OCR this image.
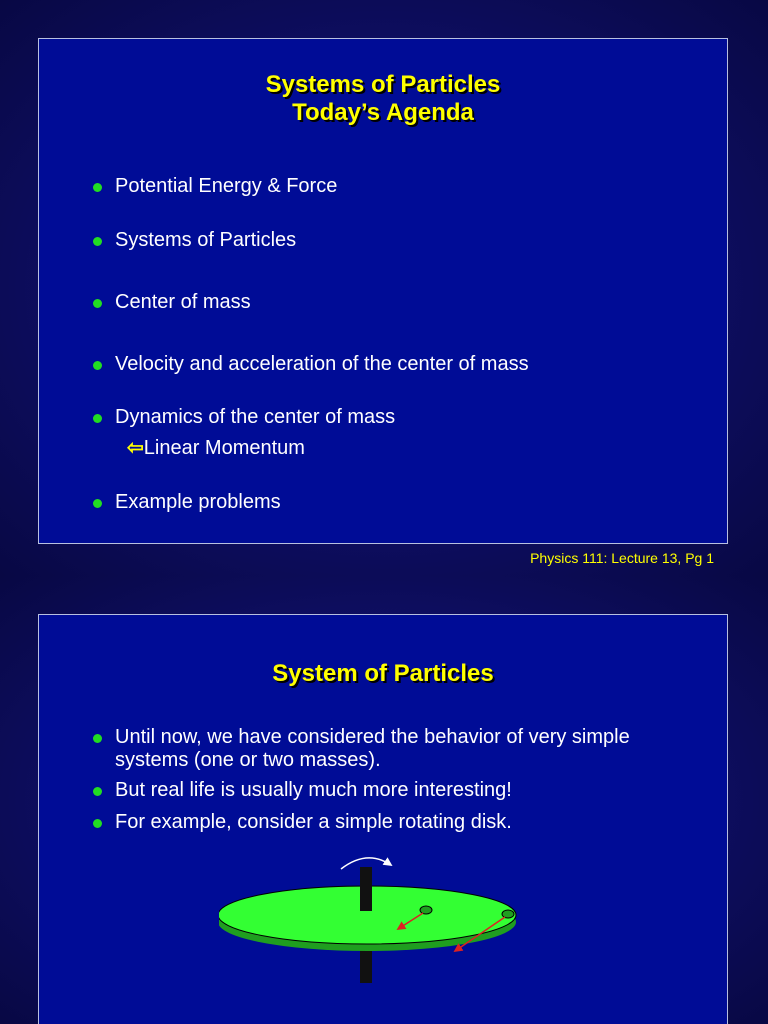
Systems of Particles
Today’s Agenda
Potential Energy & Force
Systems of Particles
Center of mass
Velocity and acceleration of the center of mass
Dynamics of the center of mass
⇦Linear Momentum
Example problems
Physics 111: Lecture 13, Pg 1
System of Particles
Until now, we have considered the behavior of very simple systems (one or two masses).
But real life is usually much more interesting!
For example, consider a simple rotating disk.
